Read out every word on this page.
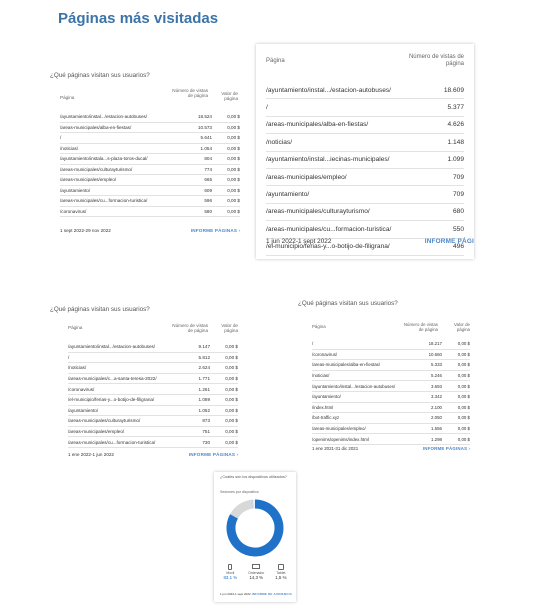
Páginas más visitadas
¿Qué páginas visitan sus usuarios?
Página
Número de vistas de página	Valor de página
/ayuntamiento/instal.../estacion-autobuses/	18.524	0,00 $
/areas-municipales/alba-en-fiestas/	10.573	0,00 $
/	5.641	0,00 $
/noticias/	1.054	0,00 $
/ayuntamiento/instala...s-plaza-toros-ducal/	804	0,00 $
/areas-municipales/culturayturismo/	774	0,00 $
/areas-municipales/empleo/	665	0,00 $
/ayuntamiento/	609	0,00 $
/areas-municipales/cu...formacion-turistica/	596	0,00 $
/coronavirus/	580	0,00 $
1 sept 2022-29 nov 2022	INFORME PÁGINAS ›
Página
Número de vistas de página
/ayuntamiento/instal.../estacion-autobuses/	18.609
/	5.377
/areas-municipales/alba-en-fiestas/	4.626
/noticias/	1.148
/ayuntamiento/instal...iecinas-municipales/	1.099
/areas-municipales/empleo/	709
/ayuntamiento/	709
/areas-municipales/culturayturismo/	680
/areas-municipales/cu...formacion-turistica/	550
/el-municipio/ferias-y...o-botijo-de-filigrana/	496
1 jun 2022-1 sept 2022	INFORME PÁGI
¿Qué páginas visitan sus usuarios?
Página	Número de vistas de página
Valor de página
/ayuntamiento/instal.../estacion-autobuses/	9.147	0,00 $
/	5.812	0,00 $
/noticias/	2.624	0,00 $
/areas-municipales/c...a-santa-teresa-2022/	1.771	0,00 $
/coronavirus/	1.261	0,00 $
/el-municipio/ferias-y...o-botijo-de-filigrana/	1.089	0,00 $
/ayuntamiento/	1.052	0,00 $
/areas-municipales/culturayturismo/	873	0,00 $
/areas-municipales/empleo/	751	0,00 $
/areas-municipales/cu...formacion-turistica/	730	0,00 $
1 ene 2022-1 jun 2022	INFORME PÁGINAS ›
¿Qué páginas visitan sus usuarios?
Página	Número de vistas de página
Valor de página
/	18.217	0,00 $
/coronavirus/	10.660	0,00 $
/areas-municipales/alba-en-fiestas/	5.333	0,00 $
/noticias/	5.246	0,00 $
/ayuntamiento/instal.../estacion-autobuses/	3.693	0,00 $
/ayuntamiento/	3.342	0,00 $
/index.html	2.100	0,00 $
/bot-traffic.xyz	2.050	0,00 $
/areas-municipales/empleo/	1.556	0,00 $
/openims/openims/index.html	1.298	0,00 $
1 ene 2021-31 dic 2021	INFORME PÁGINAS ›
¿Cuáles son los dispositivos utilizados?
Sesiones por dispositivo
Móvil
83,1 %
Ordenador
14,3 %
Tablet
1,5 %
1 jun 2022-1 sept 2022 INFORME DE AUDIENCIA
